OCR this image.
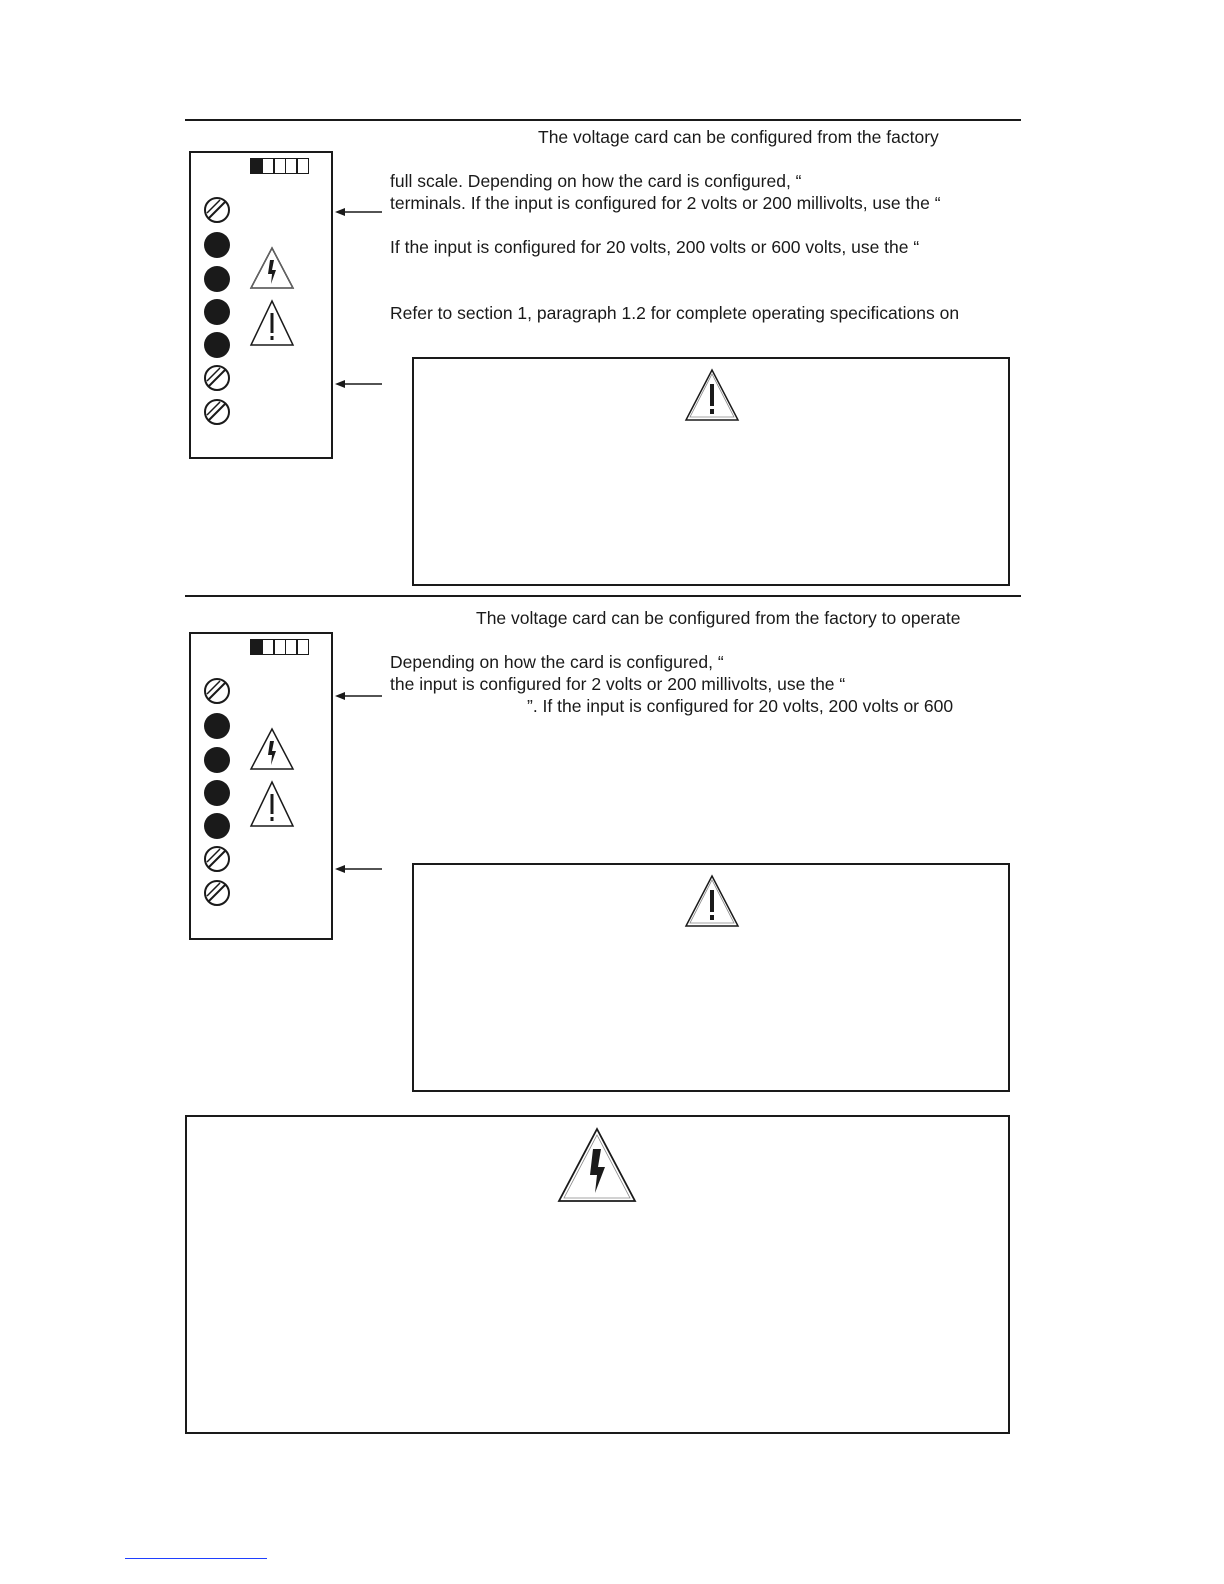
The voltage card can be configured from the factory
full scale. Depending on how the card is configured, “
terminals. If the input is configured for 2 volts or 200 millivolts, use the “
If the input is configured for 20 volts, 200 volts or 600 volts, use the “
Refer to section 1, paragraph 1.2 for complete operating specifications on
The voltage card can be configured from the factory to operate
Depending on how the card is configured, “
the input is configured for 2 volts or 200 millivolts, use the “
”. If the input is configured for 20 volts, 200 volts or 600
